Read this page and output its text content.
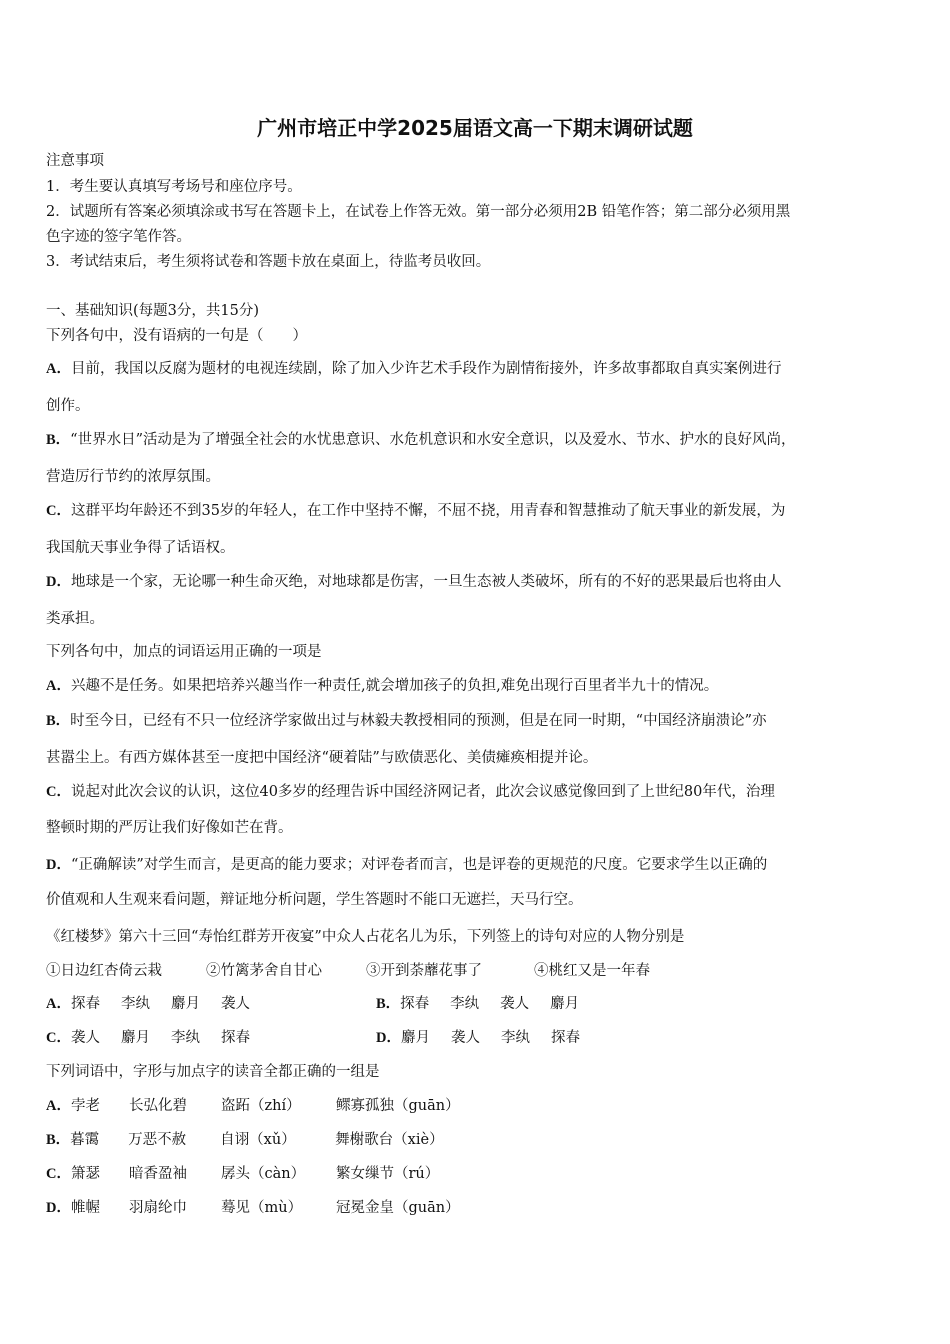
广州市培正中学2025届语文高一下期末调研试题
注意事项
1．考生要认真填写考场号和座位序号。
2．试题所有答案必须填涂或书写在答题卡上，在试卷上作答无效。第一部分必须用2B 铅笔作答；第二部分必须用黑
色字迹的签字笔作答。
3．考试结束后，考生须将试卷和答题卡放在桌面上，待监考员收回。
一、基础知识(每题3分，共15分)
下列各句中，没有语病的一句是（　　）
A．目前，我国以反腐为题材的电视连续剧，除了加入少许艺术手段作为剧情衔接外，许多故事都取自真实案例进行
创作。
B．“世界水日”活动是为了增强全社会的水忧患意识、水危机意识和水安全意识，以及爱水、节水、护水的良好风尚，
营造厉行节约的浓厚氛围。
C．这群平均年龄还不到35岁的年轻人，在工作中坚持不懈，不屈不挠，用青春和智慧推动了航天事业的新发展，为
我国航天事业争得了话语权。
D．地球是一个家，无论哪一种生命灭绝，对地球都是伤害，一旦生态被人类破坏，所有的不好的恶果最后也将由人
类承担。
下列各句中，加点的词语运用正确的一项是
A．兴趣不是任务。如果把培养兴趣当作一种责任,就会增加孩子的负担,难免出现行百里者半九十的情况。
B．时至今日，已经有不只一位经济学家做出过与林毅夫教授相同的预测，但是在同一时期，“中国经济崩溃论”亦
甚嚣尘上。有西方媒体甚至一度把中国经济“硬着陆”与欧债恶化、美债瘫痪相提并论。
C．说起对此次会议的认识，这位40多岁的经理告诉中国经济网记者，此次会议感觉像回到了上世纪80年代，治理
整顿时期的严厉让我们好像如芒在背。
D．“正确解读”对学生而言，是更高的能力要求；对评卷者而言，也是评卷的更规范的尺度。它要求学生以正确的
价值观和人生观来看问题，辩证地分析问题，学生答题时不能口无遮拦，天马行空。
《红楼梦》第六十三回“寿怡红群芳开夜宴”中众人占花名儿为乐，下列签上的诗句对应的人物分别是
①日边红杏倚云栽	②竹篱茅舍自甘心	③开到荼蘼花事了	④桃红又是一年春
A．探春 李纨 麝月 袭人	B．探春 李纨 袭人 麝月
C．袭人 麝月 李纨 探春	D．麝月 袭人 李纨 探春
下列词语中，字形与加点字的读音全都正确的一组是
A．孛老 长弘化碧 盗跖（zhí） 鳏寡孤独（guān）
B．暮霭 万恶不赦 自诩（xǔ）	舞榭歌台（xiè）
C．箫瑟 暗香盈袖 孱头（càn） 繁女缫节（rú）
D．帷幄 羽扇纶巾 蓦见（mù） 冠冕金皇（guān）
